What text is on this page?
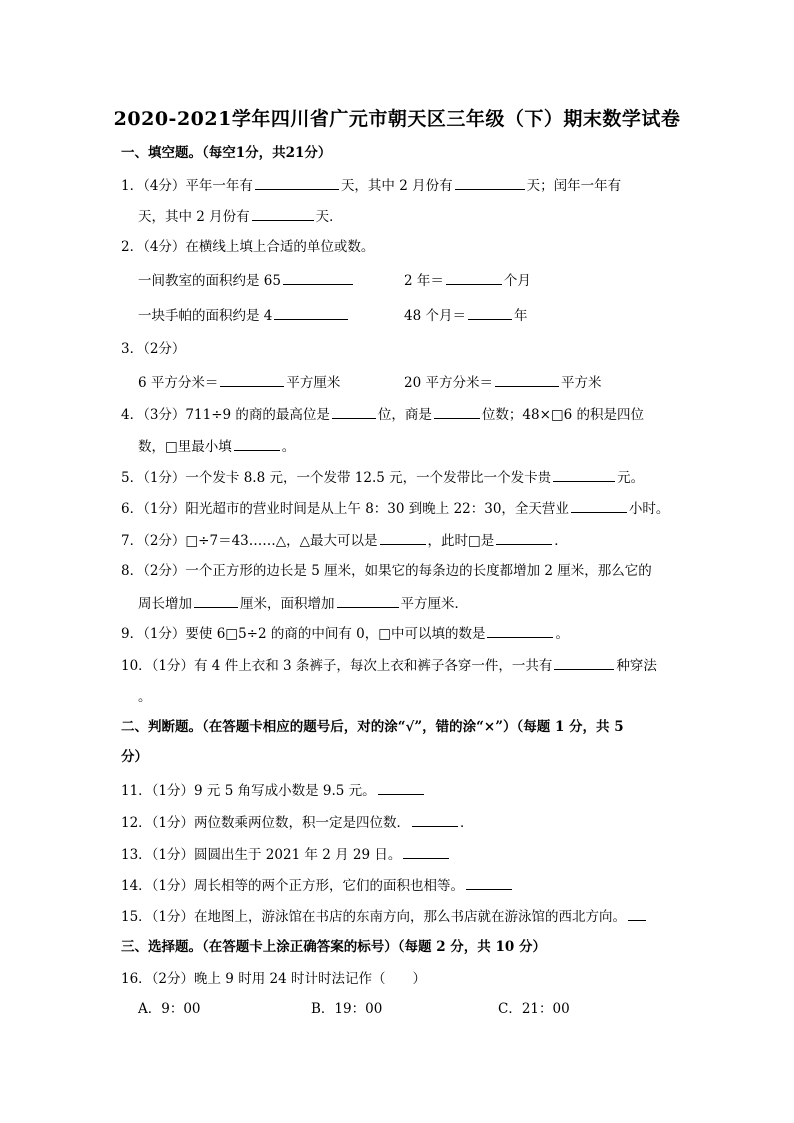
2020-2021学年四川省广元市朝天区三年级（下）期末数学试卷
一、填空题。（每空1分，共21分）
1．（4分）平年一年有	天，其中 2 月份有	天；闰年一年有
天，其中 2 月份有	天．
2．（4分）在横线上填上合适的单位或数。
一间教室的面积约是 65	2 年＝	个月
一块手帕的面积约是 4	48 个月＝	年
3．（2分）
6 平方分米＝	平方厘米	20 平方分米＝	平方米
4．（3分）711÷9 的商的最高位是	位，商是	位数；48×□6 的积是四位
数，□里最小填	。
5．（1分）一个发卡 8.8 元，一个发带 12.5 元，一个发带比一个发卡贵	元。
6．（1分）阳光超市的营业时间是从上午 8：30 到晚上 22：30，全天营业	小时。
7．（2分）□÷7＝43……△，△最大可以是	，此时□是	．
8．（2分）一个正方形的边长是 5 厘米，如果它的每条边的长度都增加 2 厘米，那么它的
周长增加	厘米，面积增加	平方厘米．
9．（1分）要使 6□5÷2 的商的中间有 0，□中可以填的数是	。
10．（1分）有 4 件上衣和 3 条裤子，每次上衣和裤子各穿一件，一共有	种穿法
。
二、判断题。（在答题卡相应的题号后，对的涂“√”，错的涂“×”）（每题 1 分，共 5
分）
11．（1分）9 元 5 角写成小数是 9.5 元。
12．（1分）两位数乘两位数，积一定是四位数．	．
13．（1分）圆圆出生于 2021 年 2 月 29 日。
14．（1分）周长相等的两个正方形，它们的面积也相等。
15．（1分）在地图上，游泳馆在书店的东南方向，那么书店就在游泳馆的西北方向。
三、选择题。（在答题卡上涂正确答案的标号）（每题 2 分，共 10 分）
16．（2分）晚上 9 时用 24 时计时法记作（　　）
A．9：00	B．19：00	C．21：00
